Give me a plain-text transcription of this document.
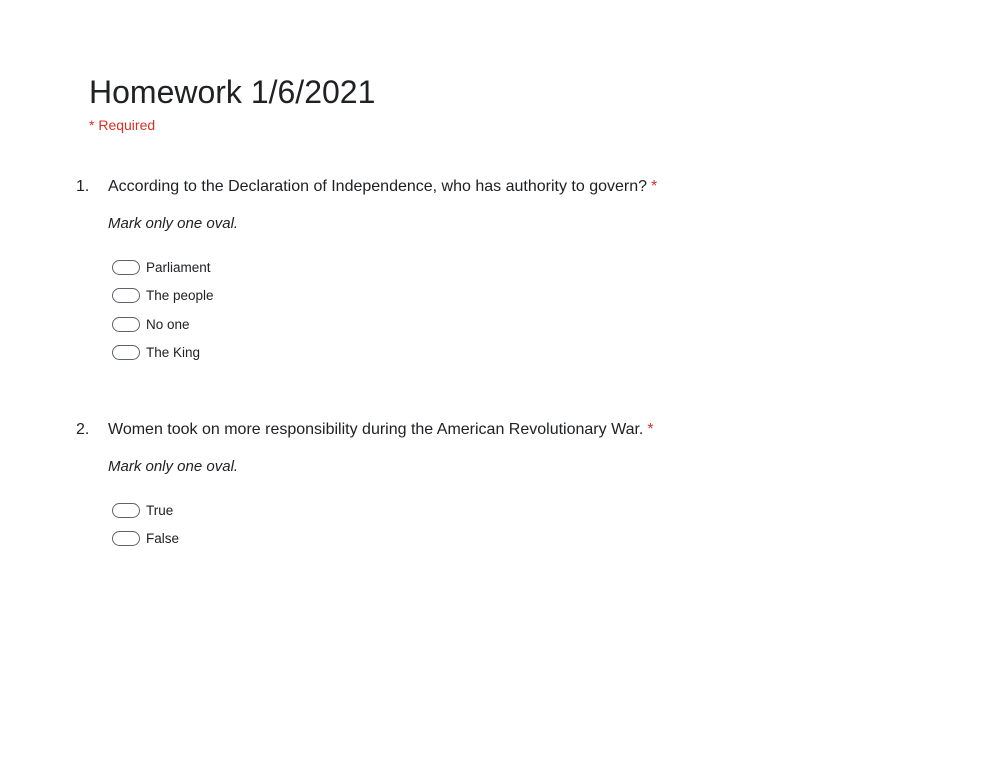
Homework 1/6/2021
* Required
1. According to the Declaration of Independence, who has authority to govern? *
Mark only one oval.
Parliament
The people
No one
The King
2. Women took on more responsibility during the American Revolutionary War. *
Mark only one oval.
True
False
